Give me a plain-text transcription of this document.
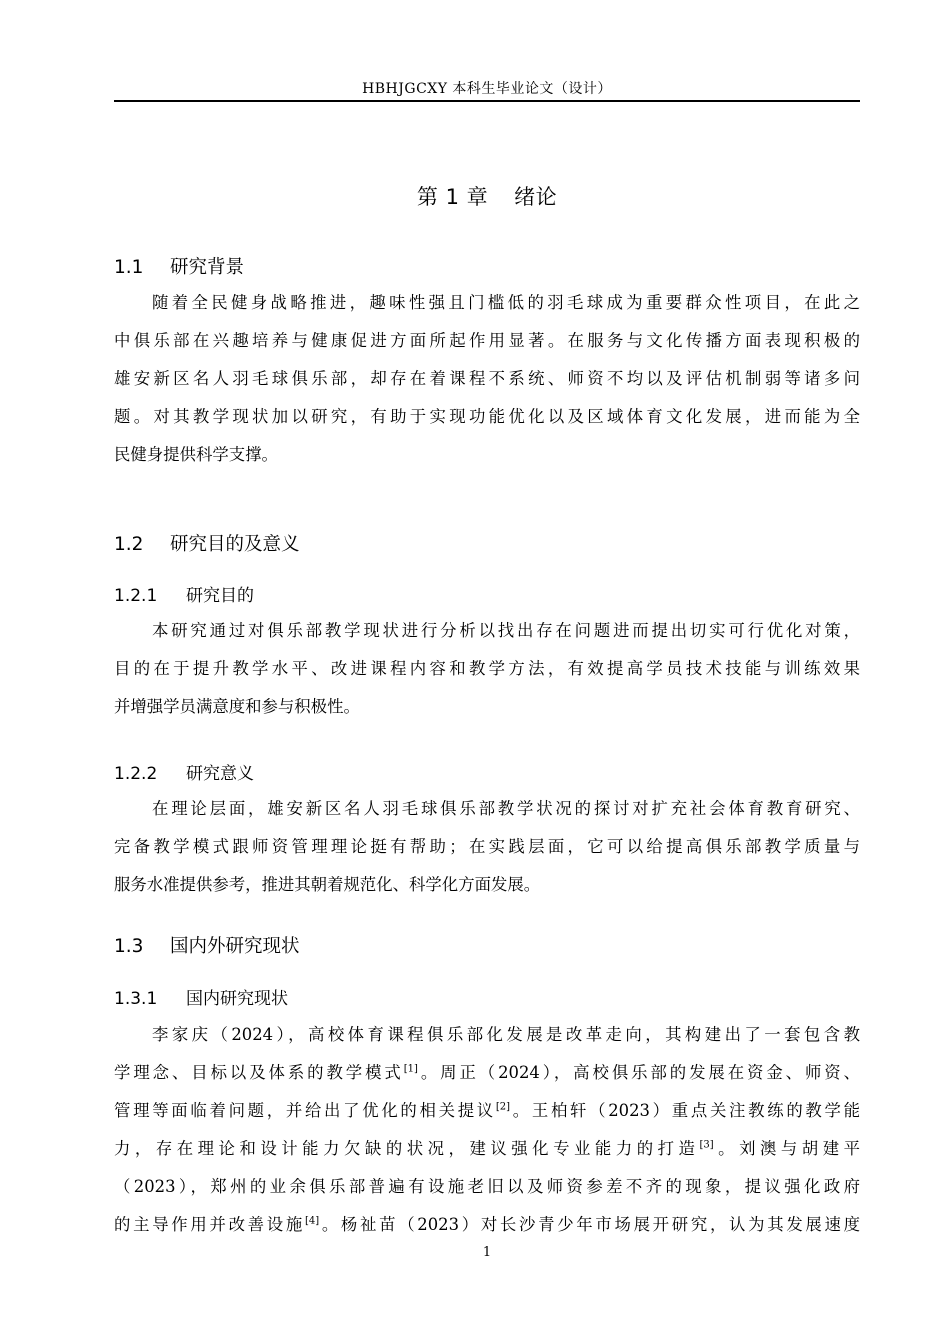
HBHJGCXY 本科生毕业论文（设计）
第 1 章 绪论
1.1 研究背景
随着全民健身战略推进，趣味性强且门槛低的羽毛球成为重要群众性项目，在此之
中俱乐部在兴趣培养与健康促进方面所起作用显著。在服务与文化传播方面表现积极的
雄安新区名人羽毛球俱乐部，却存在着课程不系统、师资不均以及评估机制弱等诸多问
题。对其教学现状加以研究，有助于实现功能优化以及区域体育文化发展，进而能为全
民健身提供科学支撑。
1.2 研究目的及意义
1.2.1 研究目的
本研究通过对俱乐部教学现状进行分析以找出存在问题进而提出切实可行优化对策，
目的在于提升教学水平、改进课程内容和教学方法，有效提高学员技术技能与训练效果
并增强学员满意度和参与积极性。
1.2.2 研究意义
在理论层面，雄安新区名人羽毛球俱乐部教学状况的探讨对扩充社会体育教育研究、
完备教学模式跟师资管理理论挺有帮助；在实践层面，它可以给提高俱乐部教学质量与
服务水准提供参考，推进其朝着规范化、科学化方面发展。
1.3 国内外研究现状
1.3.1 国内研究现状
李家庆（2024），高校体育课程俱乐部化发展是改革走向，其构建出了一套包含教
学理念、目标以及体系的教学模式[1]。周正（2024），高校俱乐部的发展在资金、师资、
管理等面临着问题，并给出了优化的相关提议[2]。王柏轩（2023）重点关注教练的教学能
力，存在理论和设计能力欠缺的状况，建议强化专业能力的打造[3]。刘澳与胡建平
（2023），郑州的业余俱乐部普遍有设施老旧以及师资参差不齐的现象，提议强化政府
的主导作用并改善设施[4]。杨祉苗（2023）对长沙青少年市场展开研究，认为其发展速度
1
